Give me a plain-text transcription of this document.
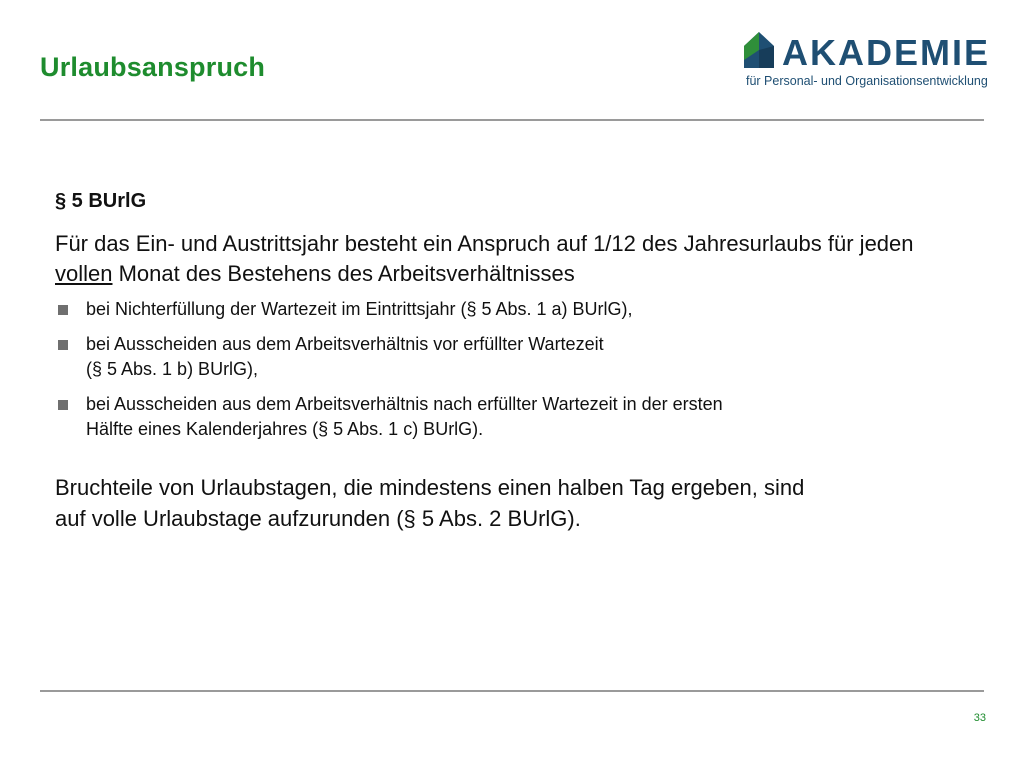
Urlaubsanspruch	AKADEMIE
für Personal- und Organisationsentwicklung
§ 5 BUrlG

Für das Ein- und Austrittsjahr besteht ein Anspruch auf 1/12 des Jahresurlaubs für jeden vollen Monat des Bestehens des Arbeitsverhältnisses

bei Nichterfüllung der Wartezeit im Eintrittsjahr (§ 5 Abs. 1 a) BUrlG),
bei Ausscheiden aus dem Arbeitsverhältnis vor erfüllter Wartezeit
(§ 5 Abs. 1 b) BUrlG),
bei Ausscheiden aus dem Arbeitsverhältnis nach erfüllter Wartezeit in der ersten
Hälfte eines Kalenderjahres (§ 5 Abs. 1 c) BUrlG).

Bruchteile von Urlaubstagen, die mindestens einen halben Tag ergeben, sind
auf volle Urlaubstage aufzurunden (§ 5 Abs. 2 BUrlG).

33
